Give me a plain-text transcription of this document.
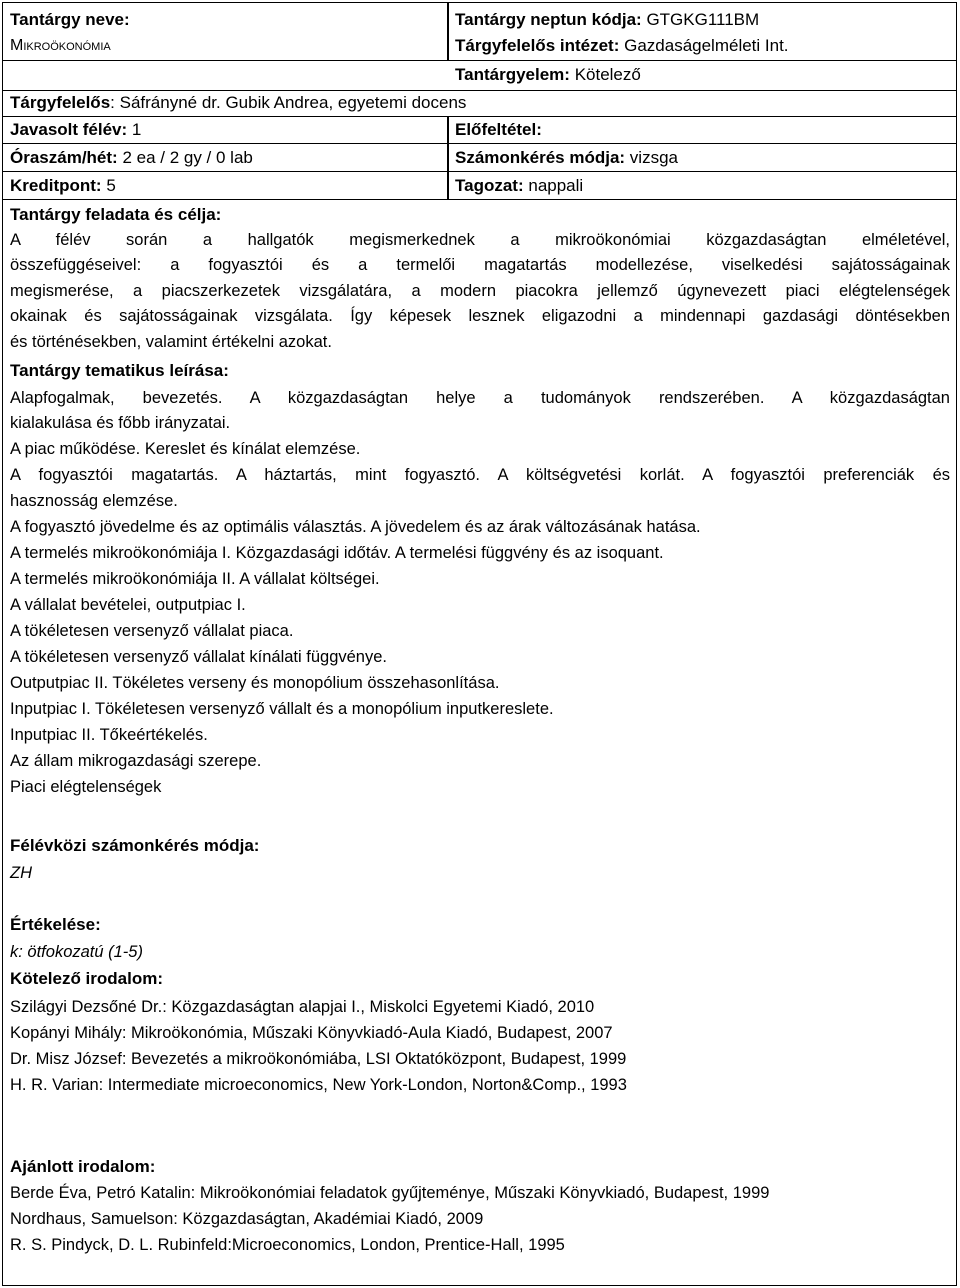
Tantárgy neve:
Mikroökonómia
Tantárgy neptun kódja: GTGKG111BM
Tárgyfelelős intézet: Gazdaságelméleti Int.
Tantárgyelem: Kötelező
Tárgyfelelős: Sáfrányné dr. Gubik Andrea, egyetemi docens
Javasolt félév: 1	Előfeltétel:
Óraszám/hét: 2 ea / 2 gy / 0 lab	Számonkérés módja: vizsga
Kreditpont: 5	Tagozat: nappali
Tantárgy feladata és célja:
A félév során a hallgatók megismerkednek a mikroökonómiai közgazdaságtan elméletével,
összefüggéseivel: a fogyasztói és a termelői magatartás modellezése, viselkedési sajátosságainak
megismerése, a piacszerkezetek vizsgálatára, a modern piacokra jellemző úgynevezett piaci elégtelenségek
okainak és sajátosságainak vizsgálata. Így képesek lesznek eligazodni a mindennapi gazdasági döntésekben
és történésekben, valamint értékelni azokat.
Tantárgy tematikus leírása:
Alapfogalmak, bevezetés. A közgazdaságtan helye a tudományok rendszerében. A közgazdaságtan
kialakulása és főbb irányzatai.
A piac működése. Kereslet és kínálat elemzése.
A fogyasztói magatartás. A háztartás, mint fogyasztó. A költségvetési korlát. A fogyasztói preferenciák és
hasznosság elemzése.
A fogyasztó jövedelme és az optimális választás. A jövedelem és az árak változásának hatása.
A termelés mikroökonómiája I. Közgazdasági időtáv. A termelési függvény és az isoquant.
A termelés mikroökonómiája II. A vállalat költségei.
A vállalat bevételei, outputpiac I.
A tökéletesen versenyző vállalat piaca.
A tökéletesen versenyző vállalat kínálati függvénye.
Outputpiac II. Tökéletes verseny és monopólium összehasonlítása.
Inputpiac I. Tökéletesen versenyző vállalt és a monopólium inputkereslete.
Inputpiac II. Tőkeértékelés.
Az állam mikrogazdasági szerepe.
Piaci elégtelenségek
Félévközi számonkérés módja:
ZH
Értékelése:
k: ötfokozatú (1-5)
Kötelező irodalom:
Szilágyi Dezsőné Dr.: Közgazdaságtan alapjai I., Miskolci Egyetemi Kiadó, 2010
Kopányi Mihály: Mikroökonómia, Műszaki Könyvkiadó-Aula Kiadó, Budapest, 2007
Dr. Misz József: Bevezetés a mikroökonómiába, LSI Oktatóközpont, Budapest, 1999
H. R. Varian: Intermediate microeconomics, New York-London, Norton&Comp., 1993
Ajánlott irodalom:
Berde Éva, Petró Katalin: Mikroökonómiai feladatok gyűjteménye, Műszaki Könyvkiadó, Budapest, 1999
Nordhaus, Samuelson: Közgazdaságtan, Akadémiai Kiadó, 2009
R. S. Pindyck, D. L. Rubinfeld:Microeconomics, London, Prentice-Hall, 1995
